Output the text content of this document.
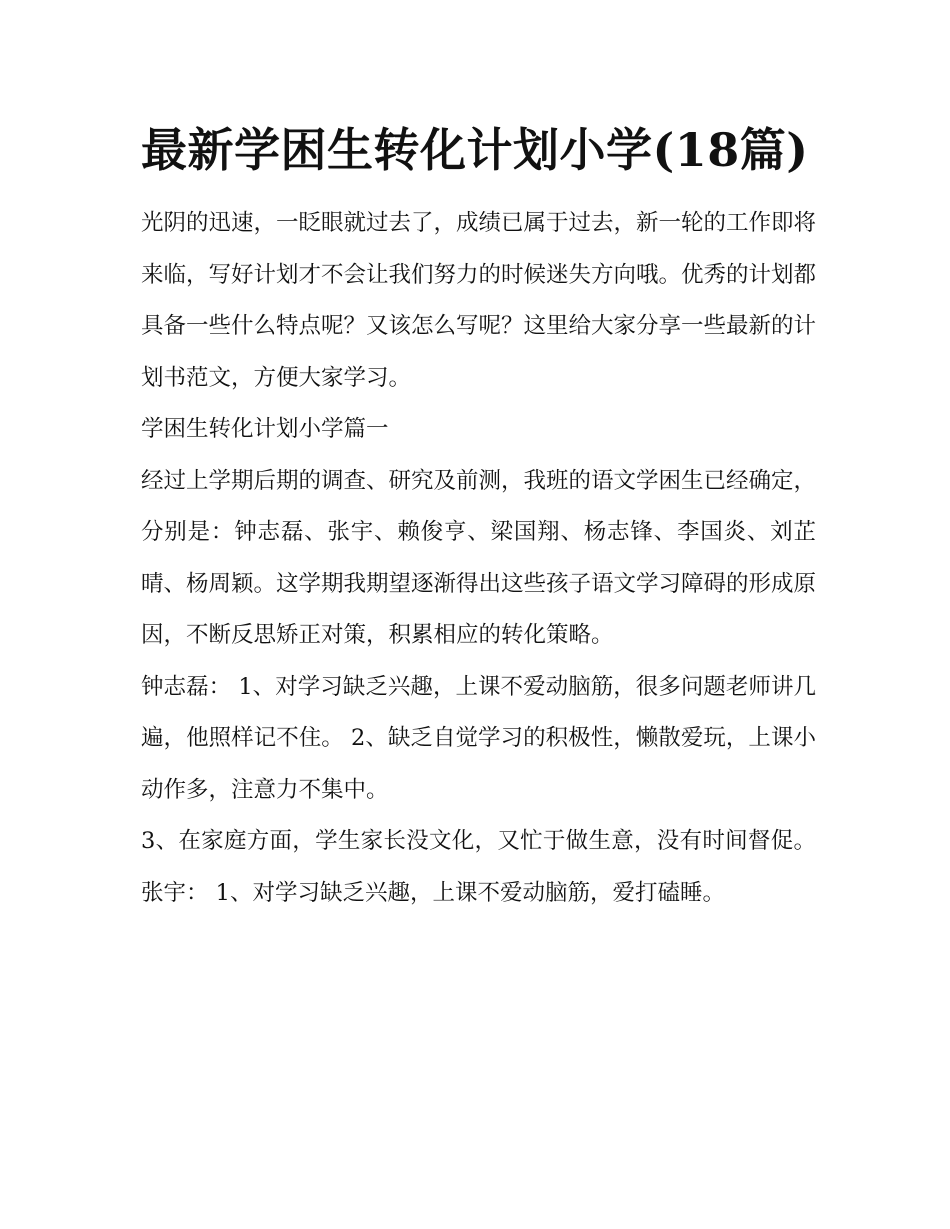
最新学困生转化计划小学(18篇)

光阴的迅速，一眨眼就过去了，成绩已属于过去，新一轮的工作即将来临，写好计划才不会让我们努力的时候迷失方向哦。优秀的计划都具备一些什么特点呢？又该怎么写呢？这里给大家分享一些最新的计划书范文，方便大家学习。

学困生转化计划小学篇一

经过上学期后期的调查、研究及前测，我班的语文学困生已经确定，分别是：钟志磊、张宇、赖俊亨、梁国翔、杨志锋、李国炎、刘芷晴、杨周颖。这学期我期望逐渐得出这些孩子语文学习障碍的形成原因，不断反思矫正对策，积累相应的转化策略。

钟志磊： 1、对学习缺乏兴趣，上课不爱动脑筋，很多问题老师讲几遍，他照样记不住。 2、缺乏自觉学习的积极性，懒散爱玩，上课小动作多，注意力不集中。

3、在家庭方面，学生家长没文化，又忙于做生意，没有时间督促。 张宇： 1、对学习缺乏兴趣，上课不爱动脑筋，爱打磕睡。
